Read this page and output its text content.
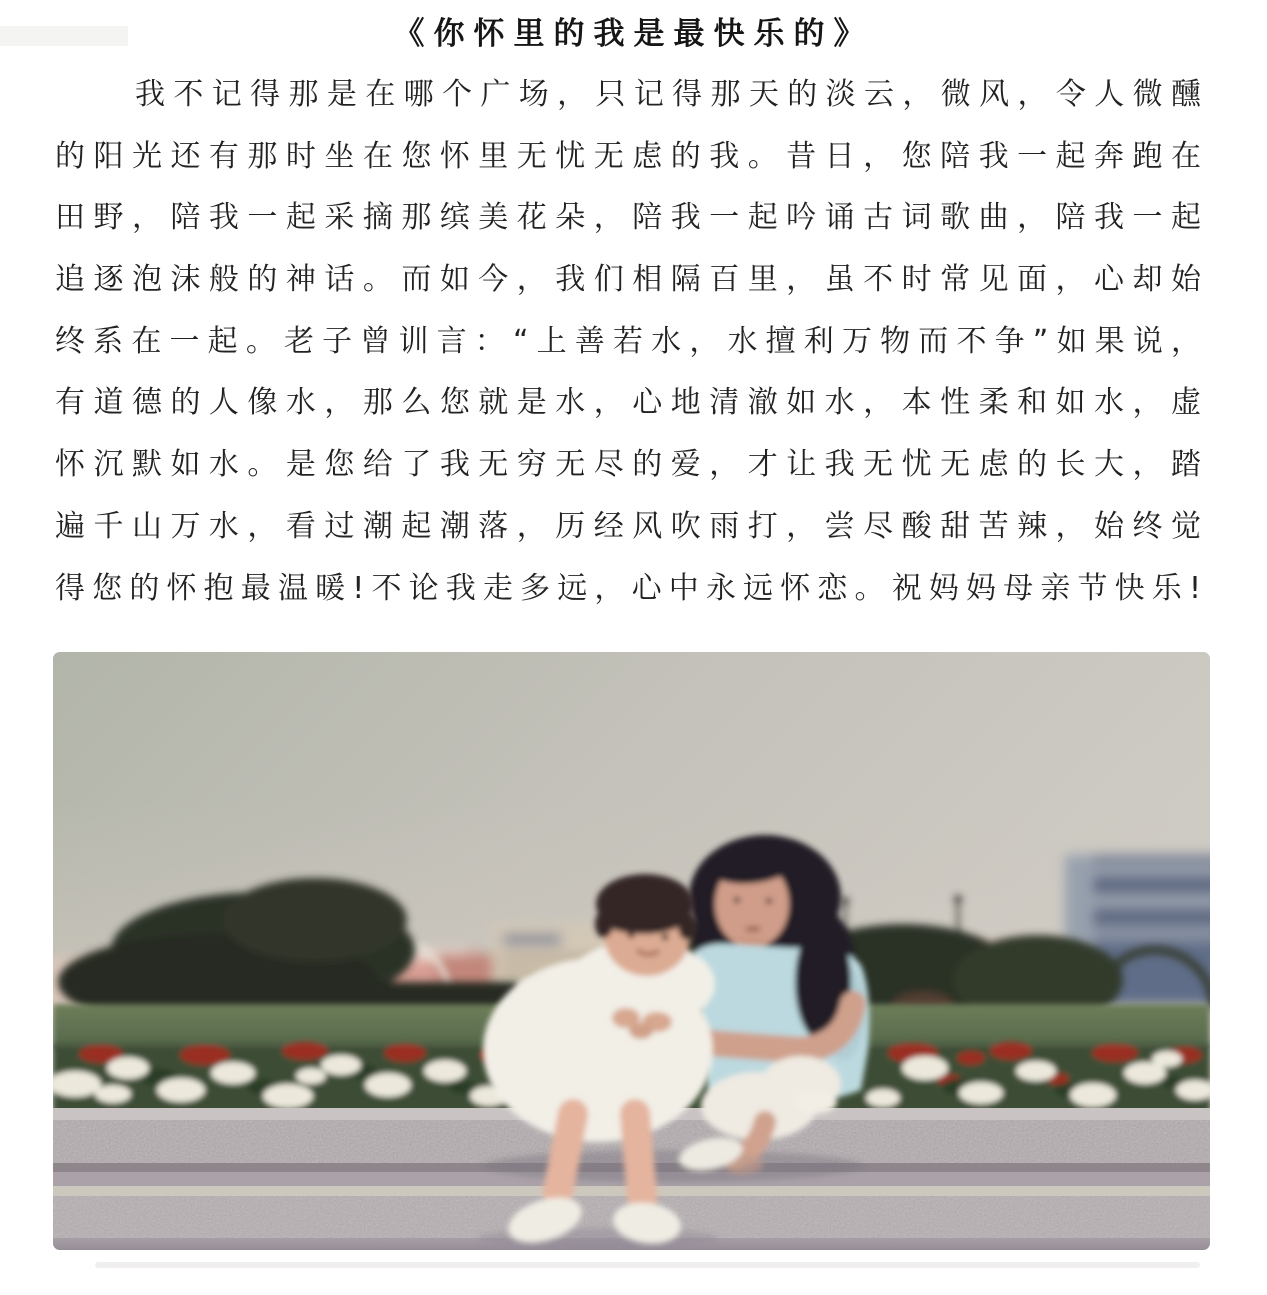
《你怀里的我是最快乐的》
我不记得那是在哪个广场，只记得那天的淡云，微风，令人微醺
的阳光还有那时坐在您怀里无忧无虑的我。昔日，您陪我一起奔跑在
田野，陪我一起采摘那缤美花朵，陪我一起吟诵古词歌曲，陪我一起
追逐泡沫般的神话。而如今，我们相隔百里，虽不时常见面，心却始
终系在一起。老子曾训言：“上善若水，水擅利万物而不争”如果说，
有道德的人像水，那么您就是水，心地清澈如水，本性柔和如水，虚
怀沉默如水。是您给了我无穷无尽的爱，才让我无忧无虑的长大，踏
遍千山万水，看过潮起潮落，历经风吹雨打，尝尽酸甜苦辣，始终觉
得您的怀抱最温暖!不论我走多远，心中永远怀恋。祝妈妈母亲节快乐!
